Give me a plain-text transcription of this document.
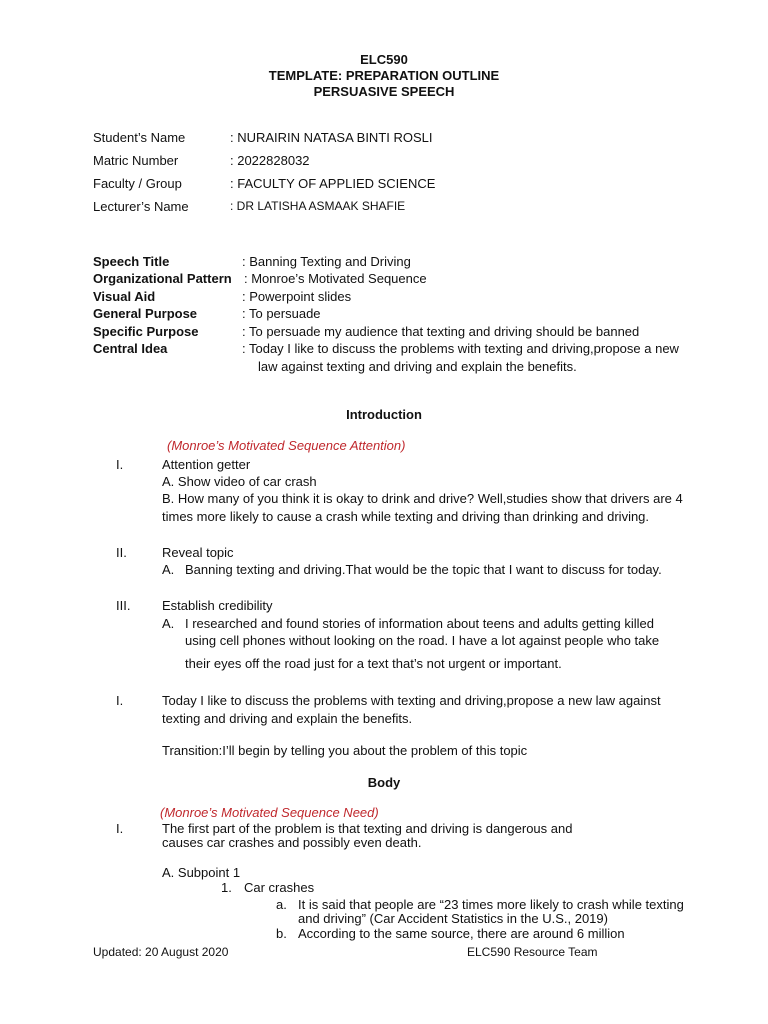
ELC590
TEMPLATE: PREPARATION OUTLINE
PERSUASIVE SPEECH
Student’s Name	: NURAIRIN NATASA BINTI ROSLI
Matric Number	: 2022828032
Faculty / Group	: FACULTY OF APPLIED SCIENCE
Lecturer’s Name	: DR LATISHA ASMAAK SHAFIE
Speech Title	: Banning Texting and Driving
Organizational Pattern : Monroe’s Motivated Sequence
Visual Aid	: Powerpoint slides
General Purpose	: To persuade
Specific Purpose	: To persuade my audience that texting and driving should be banned
Central Idea	: Today I like to discuss the problems with texting and driving,propose a new
law against texting and driving and explain the benefits.
Introduction
(Monroe’s Motivated Sequence Attention)
I.	Attention getter
A. Show video of car crash
B. How many of you think it is okay to drink and drive? Well,studies show that drivers are 4
times more likely to cause a crash while texting and driving than drinking and driving.
II.	Reveal topic
A. Banning texting and driving.That would be the topic that I want to discuss for today.
III. Establish credibility
A. I researched and found stories of information about teens and adults getting killed
using cell phones without looking on the road. I have a lot against people who take
their eyes off the road just for a text that’s not urgent or important.
I.	Today I like to discuss the problems with texting and driving,propose a new law against
texting and driving and explain the benefits.
Transition:I’ll begin by telling you about the problem of this topic
Body
(Monroe’s Motivated Sequence Need)
I.	The first part of the problem is that texting and driving is dangerous and
causes car crashes and possibly even death.
A. Subpoint 1
1. Car crashes
a. It is said that people are “23 times more likely to crash while texting
and driving” (Car Accident Statistics in the U.S., 2019)
b. According to the same source, there are around 6 million
Updated: 20 August 2020	ELC590 Resource Team
